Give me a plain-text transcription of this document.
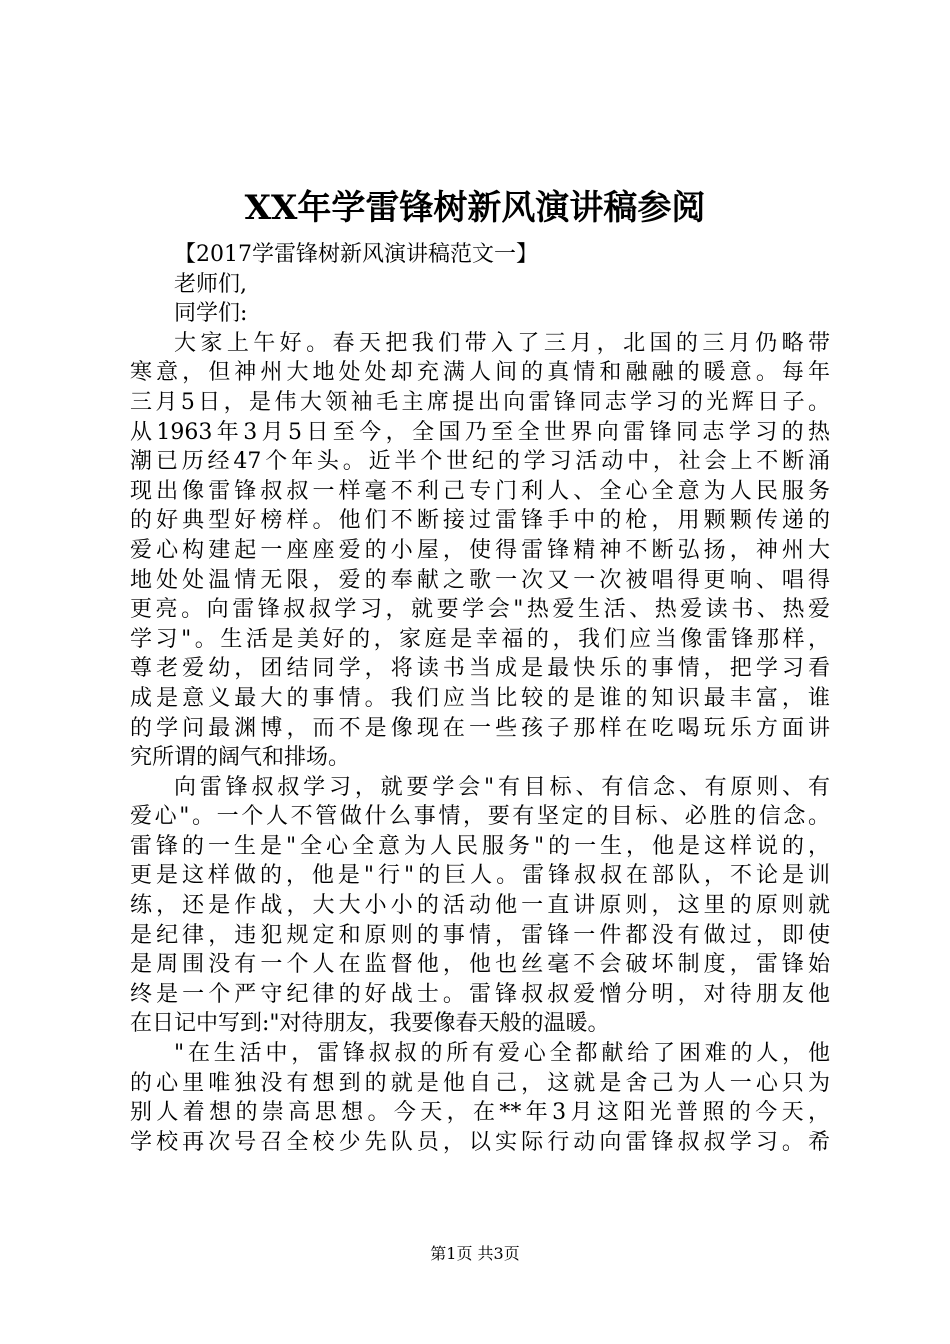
XX年学雷锋树新风演讲稿参阅
【2017学雷锋树新风演讲稿范文一】
老师们,
同学们:
大家上午好。春天把我们带入了三月，北国的三月仍略带
寒意，但神州大地处处却充满人间的真情和融融的暖意。每年
三月5日，是伟大领袖毛主席提出向雷锋同志学习的光辉日子。
从1963年3月5日至今，全国乃至全世界向雷锋同志学习的热
潮已历经47个年头。近半个世纪的学习活动中，社会上不断涌
现出像雷锋叔叔一样毫不利己专门利人、全心全意为人民服务
的好典型好榜样。他们不断接过雷锋手中的枪，用颗颗传递的
爱心构建起一座座爱的小屋，使得雷锋精神不断弘扬，神州大
地处处温情无限，爱的奉献之歌一次又一次被唱得更响、唱得
更亮。向雷锋叔叔学习，就要学会"热爱生活、热爱读书、热爱
学习"。生活是美好的，家庭是幸福的，我们应当像雷锋那样，
尊老爱幼，团结同学，将读书当成是最快乐的事情，把学习看
成是意义最大的事情。我们应当比较的是谁的知识最丰富，谁
的学问最渊博，而不是像现在一些孩子那样在吃喝玩乐方面讲
究所谓的阔气和排场。
向雷锋叔叔学习，就要学会"有目标、有信念、有原则、有
爱心"。一个人不管做什么事情，要有坚定的目标、必胜的信念。
雷锋的一生是"全心全意为人民服务"的一生，他是这样说的，
更是这样做的，他是"行"的巨人。雷锋叔叔在部队，不论是训
练，还是作战，大大小小的活动他一直讲原则，这里的原则就
是纪律，违犯规定和原则的事情，雷锋一件都没有做过，即使
是周围没有一个人在监督他，他也丝毫不会破坏制度，雷锋始
终是一个严守纪律的好战士。雷锋叔叔爱憎分明，对待朋友他
在日记中写到:"对待朋友，我要像春天般的温暖。
"在生活中，雷锋叔叔的所有爱心全都献给了困难的人，他
的心里唯独没有想到的就是他自己，这就是舍己为人一心只为
别人着想的崇高思想。今天，在**年3月这阳光普照的今天，
学校再次号召全校少先队员，以实际行动向雷锋叔叔学习。希
第1页 共3页
